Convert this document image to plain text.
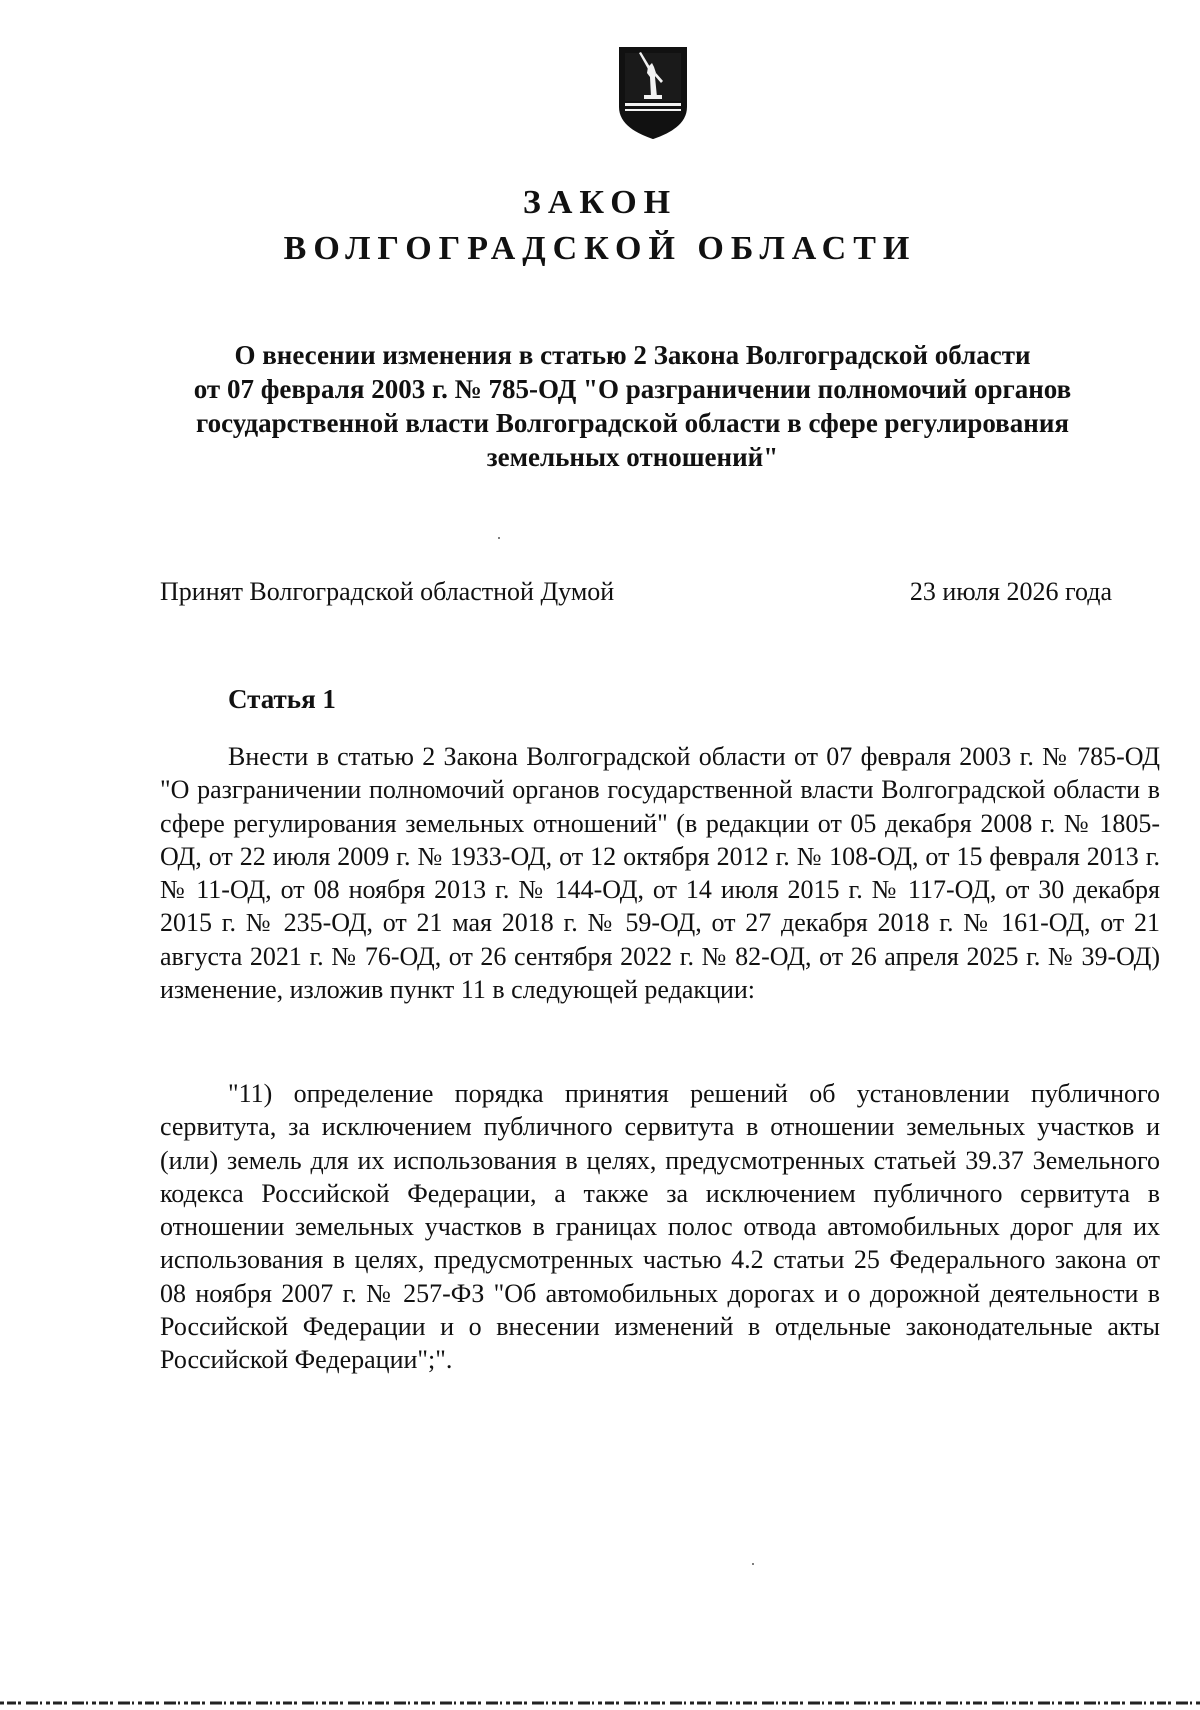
ЗАКОН
ВОЛГОГРАДСКОЙ ОБЛАСТИ
О внесении изменения в статью 2 Закона Волгоградской области
от 07 февраля 2003 г. № 785-ОД "О разграничении полномочий органов
государственной власти Волгоградской области в сфере регулирования
земельных отношений"
Принят Волгоградской областной Думой	23 июля 2026 года
Статья 1

Внести в статью 2 Закона Волгоградской области от 07 февраля 2003 г. № 785-ОД "О разграничении полномочий органов государственной власти Волгоградской области в сфере регулирования земельных отношений" (в редакции от 05 декабря 2008 г. № 1805-ОД, от 22 июля 2009 г. № 1933-ОД, от 12 октября 2012 г. № 108-ОД, от 15 февраля 2013 г. № 11-ОД, от 08 ноября 2013 г. № 144-ОД, от 14 июля 2015 г. № 117-ОД, от 30 декабря 2015 г. № 235-ОД, от 21 мая 2018 г. № 59-ОД, от 27 декабря 2018 г. № 161-ОД, от 21 августа 2021 г. № 76-ОД, от 26 сентября 2022 г. № 82-ОД, от 26 апреля 2025 г. № 39-ОД) изменение, изложив пункт 11 в следующей редакции:

"11) определение порядка принятия решений об установлении публичного сервитута, за исключением публичного сервитута в отношении земельных участков и (или) земель для их использования в целях, предусмотренных статьей 39.37 Земельного кодекса Российской Федерации, а также за исключением публичного сервитута в отношении земельных участков в границах полос отвода автомобильных дорог для их использования в целях, предусмотренных частью 4.2 статьи 25 Федерального закона от 08 ноября 2007 г. № 257-ФЗ "Об автомобильных дорогах и о дорожной деятельности в Российской Федерации и о внесении изменений в отдельные законодательные акты Российской Федерации";".
